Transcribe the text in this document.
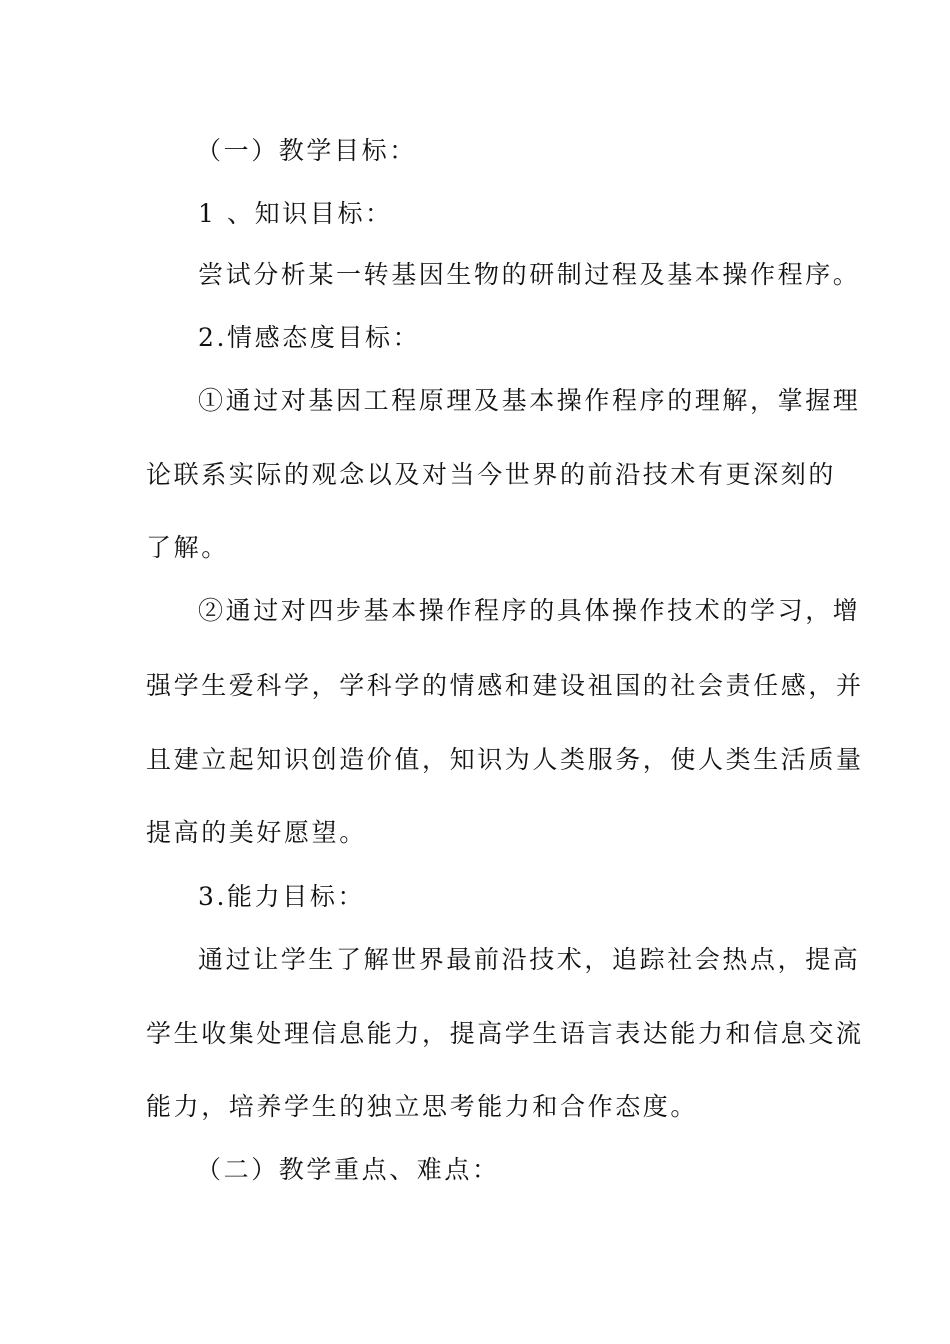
（一）教学目标：
1 、知识目标：
尝试分析某一转基因生物的研制过程及基本操作程序。
2.情感态度目标：
①通过对基因工程原理及基本操作程序的理解，掌握理
论联系实际的观念以及对当今世界的前沿技术有更深刻的
了解。
②通过对四步基本操作程序的具体操作技术的学习，增
强学生爱科学，学科学的情感和建设祖国的社会责任感，并
且建立起知识创造价值，知识为人类服务，使人类生活质量
提高的美好愿望。
3.能力目标：
通过让学生了解世界最前沿技术，追踪社会热点，提高
学生收集处理信息能力，提高学生语言表达能力和信息交流
能力，培养学生的独立思考能力和合作态度。
（二）教学重点、难点：
